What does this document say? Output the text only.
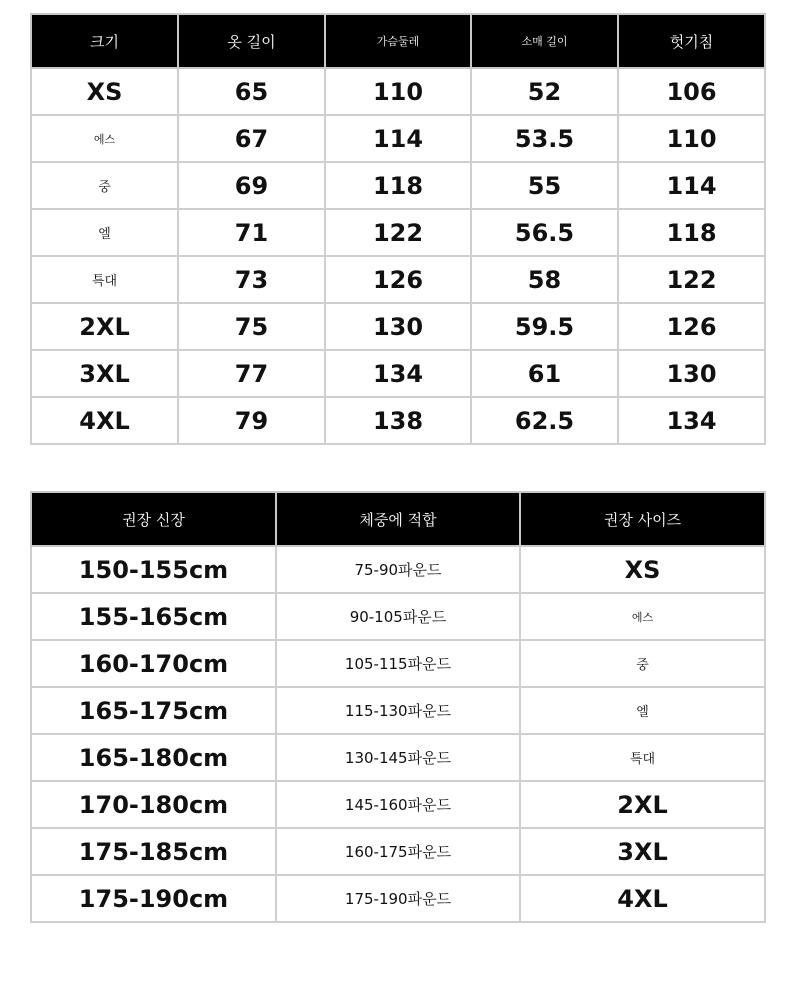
크기	옷 길이	가슴둘레	소매 길이	헛기침
XS	65	110	52	106
에스	67	114	53.5	110
중	69	118	55	114
엘	71	122	56.5	118
특대	73	126	58	122
2XL	75	130	59.5	126
3XL	77	134	61	130
4XL	79	138	62.5	134
권장 신장	체중에 적합	권장 사이즈
150-155cm	75-90파운드	XS
155-165cm	90-105파운드	에스
160-170cm	105-115파운드	중
165-175cm	115-130파운드	엘
165-180cm	130-145파운드	특대
170-180cm	145-160파운드	2XL
175-185cm	160-175파운드	3XL
175-190cm	175-190파운드	4XL
